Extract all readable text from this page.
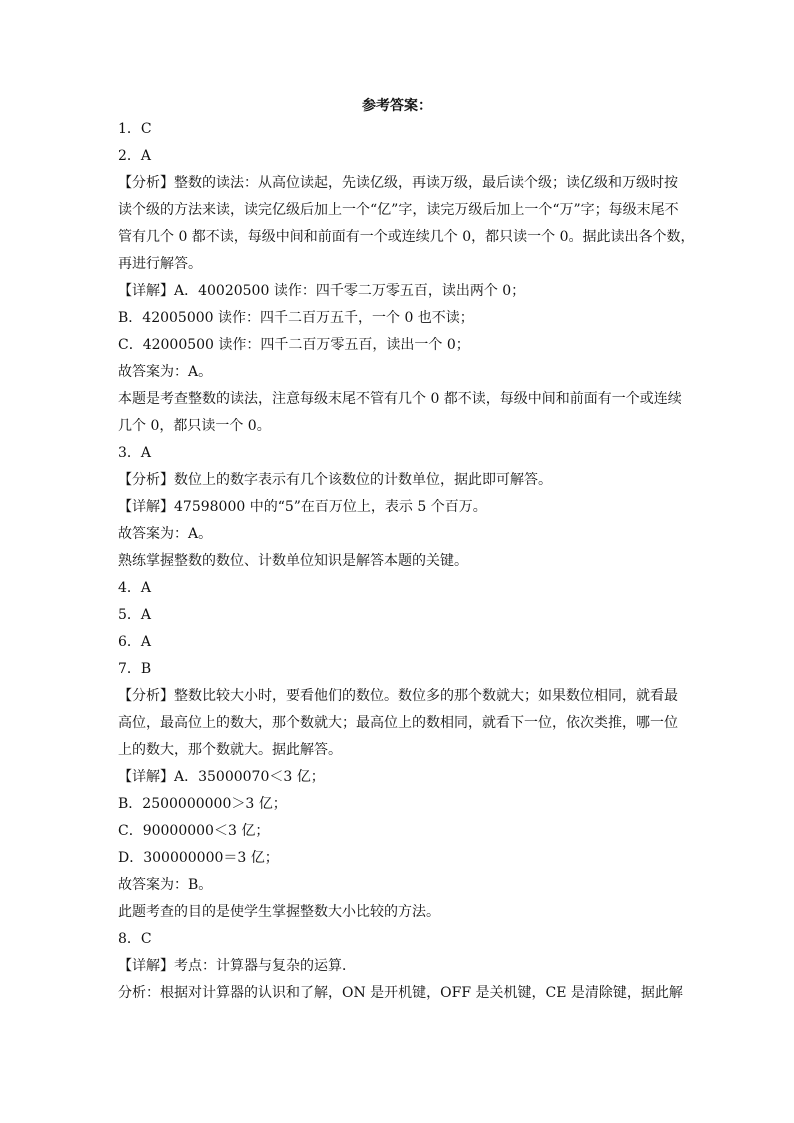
参考答案：
1．C
2．A
【分析】整数的读法：从高位读起，先读亿级，再读万级，最后读个级；读亿级和万级时按
读个级的方法来读，读完亿级后加上一个“亿”字，读完万级后加上一个“万”字；每级末尾不
管有几个 0 都不读，每级中间和前面有一个或连续几个 0，都只读一个 0。据此读出各个数，
再进行解答。
【详解】A．40020500 读作：四千零二万零五百，读出两个 0；
B．42005000 读作：四千二百万五千，一个 0 也不读；
C．42000500 读作：四千二百万零五百，读出一个 0；
故答案为：A。
本题是考查整数的读法，注意每级末尾不管有几个 0 都不读，每级中间和前面有一个或连续
几个 0，都只读一个 0。
3．A
【分析】数位上的数字表示有几个该数位的计数单位，据此即可解答。
【详解】47598000 中的“5”在百万位上，表示 5 个百万。
故答案为：A。
熟练掌握整数的数位、计数单位知识是解答本题的关键。
4．A
5．A
6．A
7．B
【分析】整数比较大小时，要看他们的数位。数位多的那个数就大；如果数位相同，就看最
高位，最高位上的数大，那个数就大；最高位上的数相同，就看下一位，依次类推，哪一位
上的数大，那个数就大。据此解答。
【详解】A．35000070＜3 亿；
B．2500000000＞3 亿；
C．90000000＜3 亿；
D．300000000＝3 亿；
故答案为：B。
此题考查的目的是使学生掌握整数大小比较的方法。
8．C
【详解】考点：计算器与复杂的运算．
分析：根据对计算器的认识和了解，ON 是开机键，OFF 是关机键，CE 是清除键，据此解
